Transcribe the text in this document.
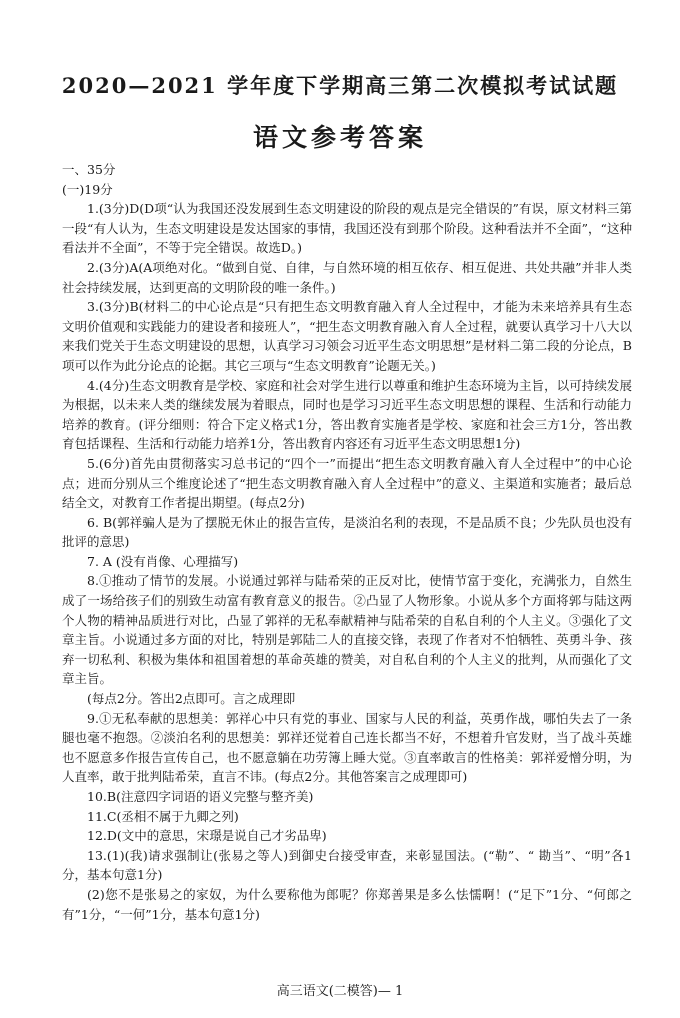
2020—2021 学年度下学期高三第二次模拟考试试题
语文参考答案

一、35分

(一)19分

1.(3分)D(D项“认为我国还没发展到生态文明建设的阶段的观点是完全错误的”有误，原文材料三第一段“有人认为，生态文明建设是发达国家的事情，我国还没有到那个阶段。这种看法并不全面”，“这种看法并不全面”，不等于完全错误。故选D。)

2.(3分)A(A项绝对化。“做到自觉、自律，与自然环境的相互依存、相互促进、共处共融”并非人类社会持续发展，达到更高的文明阶段的唯一条件。)

3.(3分)B(材料二的中心论点是“只有把生态文明教育融入育人全过程中，才能为未来培养具有生态文明价值观和实践能力的建设者和接班人”，“把生态文明教育融入育人全过程，就要认真学习十八大以来我们党关于生态文明建设的思想，认真学习习领会习近平生态文明思想”是材料二第二段的分论点，B项可以作为此分论点的论据。其它三项与“生态文明教育”论题无关。)

4.(4分)生态文明教育是学校、家庭和社会对学生进行以尊重和维护生态环境为主旨，以可持续发展为根据，以未来人类的继续发展为着眼点，同时也是学习习近平生态文明思想的课程、生活和行动能力培养的教育。(评分细则：符合下定义格式1分，答出教育实施者是学校、家庭和社会三方1分，答出教育包括课程、生活和行动能力培养1分，答出教育内容还有习近平生态文明思想1分)

5.(6分)首先由贯彻落实习总书记的“四个一”而提出“把生态文明教育融入育人全过程中”的中心论点；进而分别从三个维度论述了“把生态文明教育融入育人全过程中”的意义、主渠道和实施者；最后总结全文，对教育工作者提出期望。(每点2分)

6. B(郭祥骗人是为了摆脱无休止的报告宣传，是淡泊名利的表现，不是品质不良；少先队员也没有批评的意思)

7. A (没有肖像、心理描写)

8.①推动了情节的发展。小说通过郭祥与陆希荣的正反对比，使情节富于变化，充满张力，自然生成了一场给孩子们的别致生动富有教育意义的报告。②凸显了人物形象。小说从多个方面将郭与陆这两个人物的精神品质进行对比，凸显了郭祥的无私奉献精神与陆希荣的自私自利的个人主义。③强化了文章主旨。小说通过多方面的对比，特别是郭陆二人的直接交锋，表现了作者对不怕牺牲、英勇斗争、孩弃一切私利、积极为集体和祖国着想的革命英雄的赞美，对自私自利的个人主义的批判，从而强化了文章主旨。

(每点2分。答出2点即可。言之成理即

9.①无私奉献的思想美：郭祥心中只有党的事业、国家与人民的利益，英勇作战，哪怕失去了一条腿也毫不抱怨。②淡泊名利的思想美：郭祥还觉着自己连长都当不好，不想着升官发财，当了战斗英雄也不愿意多作报告宣传自己，也不愿意躺在功劳簿上睡大觉。③直率敢言的性格美：郭祥爱憎分明，为人直率，敢于批判陆希荣，直言不讳。(每点2分。其他答案言之成理即可)

10.B(注意四字词语的语义完整与整齐美)

11.C(丞相不属于九卿之列)

12.D(文中的意思，宋璟是说自己才劣品卑)

13.(1)(我)请求强制让(张易之等人)到御史台接受审查，来彰显国法。(“勒”、“ 勘当”、“明”各1分，基本句意1分)

(2)您不是张易之的家奴，为什么要称他为郎呢？你郑善果是多么怯懦啊！(“足下”1分、“何郎之有”1分，“一何”1分，基本句意1分)

高三语文(二模答)— 1
